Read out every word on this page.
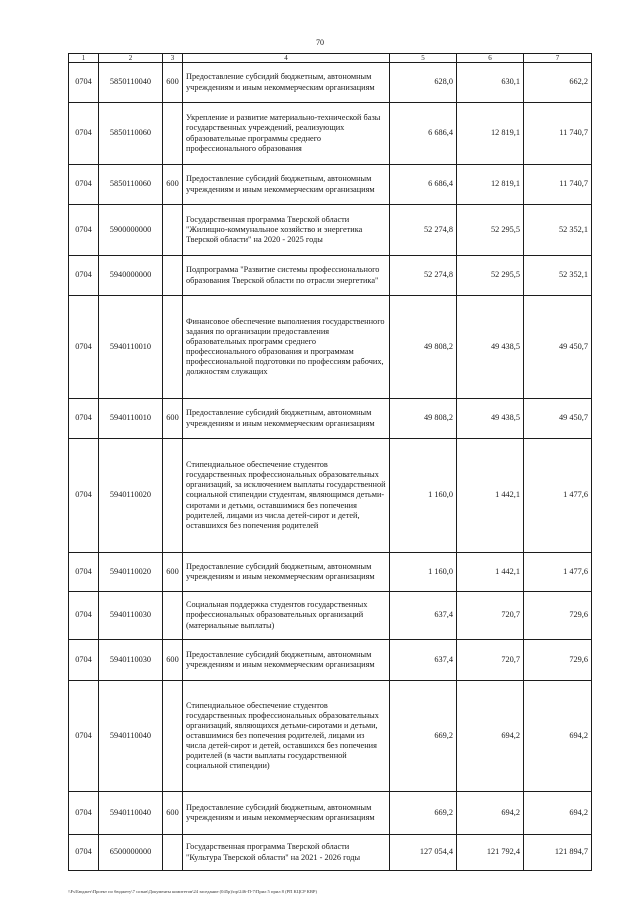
70
1	2	3	4	5	6	7
0704	5850110040	600	Предоставление субсидий бюджетным, автономным учреждениям и иным некоммерческим организациям	628,0	630,1	662,2
0704	5850110060		Укрепление и развитие материально-технической базы государственных учреждений, реализующих образовательные программы среднего профессионального образования	6 686,4	12 819,1	11 740,7
0704	5850110060	600	Предоставление субсидий бюджетным, автономным учреждениям и иным некоммерческим организациям	6 686,4	12 819,1	11 740,7
0704	5900000000		Государственная программа Тверской области "Жилищно-коммунальное хозяйство и энергетика Тверской области" на 2020 - 2025 годы	52 274,8	52 295,5	52 352,1
0704	5940000000		Подпрограмма "Развитие системы профессионального образования Тверской области по отрасли энергетика"	52 274,8	52 295,5	52 352,1
0704	5940110010		Финансовое обеспечение выполнения государственного задания по организации предоставления образовательных программ среднего профессионального образования и программам профессиональной подготовки по профессиям рабочих, должностям служащих	49 808,2	49 438,5	49 450,7
0704	5940110010	600	Предоставление субсидий бюджетным, автономным учреждениям и иным некоммерческим организациям	49 808,2	49 438,5	49 450,7
0704	5940110020		Стипендиальное обеспечение студентов государственных профессиональных образовательных организаций, за исключением выплаты государственной социальной стипендии студентам, являющимся детьми-сиротами и детьми, оставшимися без попечения родителей, лицами из числа детей-сирот и детей, оставшихся без попечения родителей	1 160,0	1 442,1	1 477,6
0704	5940110020	600	Предоставление субсидий бюджетным, автономным учреждениям и иным некоммерческим организациям	1 160,0	1 442,1	1 477,6
0704	5940110030		Социальная поддержка студентов государственных профессиональных образовательных организаций (материальные выплаты)	637,4	720,7	729,6
0704	5940110030	600	Предоставление субсидий бюджетным, автономным учреждениям и иным некоммерческим организациям	637,4	720,7	729,6
0704	5940110040		Стипендиальное обеспечение студентов государственных профессиональных образовательных организаций, являющихся детьми-сиротами и детьми, оставшимися без попечения родителей, лицами из числа детей-сирот и детей, оставшихся без попечения родителей (в части выплаты государственной социальной стипендии)	669,2	694,2	694,2
0704	5940110040	600	Предоставление субсидий бюджетным, автономным учреждениям и иным некоммерческим организациям	669,2	694,2	694,2
0704	6500000000		Государственная программа Тверской области "Культура Тверской области" на 2021 - 2026 годы	127 054,4	121 792,4	121 894,7
\\Fs\Бюджет\Проект по бюджету\7 созыв\Документы комитетов\24 заседание (045р)\пр\246-П-7\Прил 5 прил 8 (РП КЦСР КВР)
